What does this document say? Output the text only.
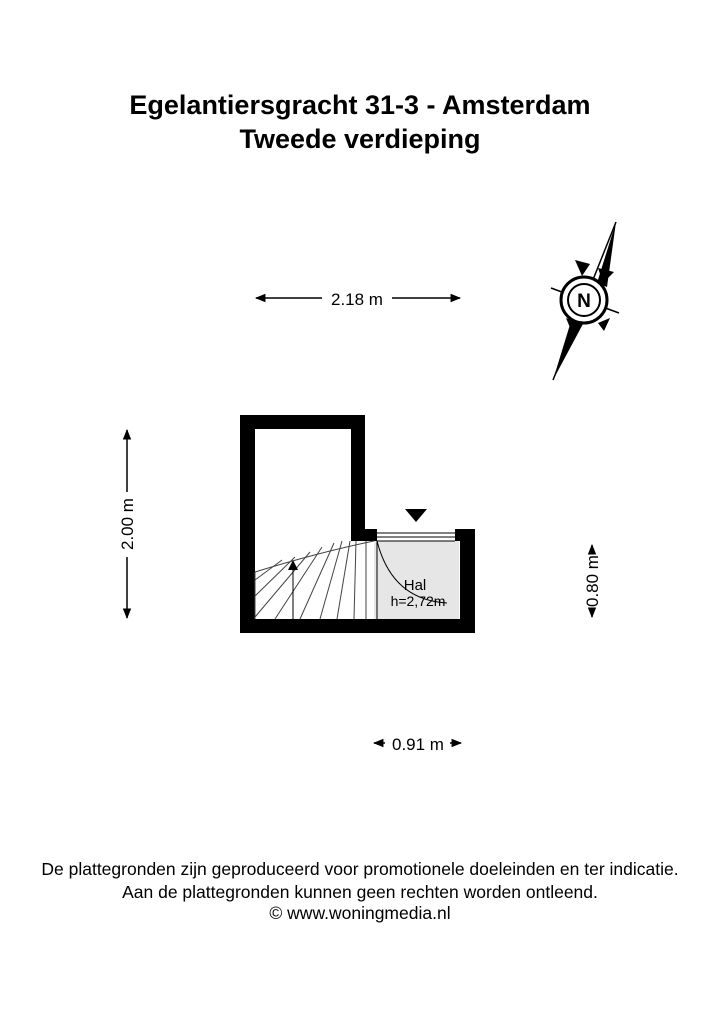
Egelantiersgracht 31-3 - Amsterdam
Tweede verdieping
N
2.18 m
2.00 m
0.80 m
0.91 m
Hal
h=2,72m
De plattegronden zijn geproduceerd voor promotionele doeleinden en ter indicatie.
Aan de plattegronden kunnen geen rechten worden ontleend.
© www.woningmedia.nl
